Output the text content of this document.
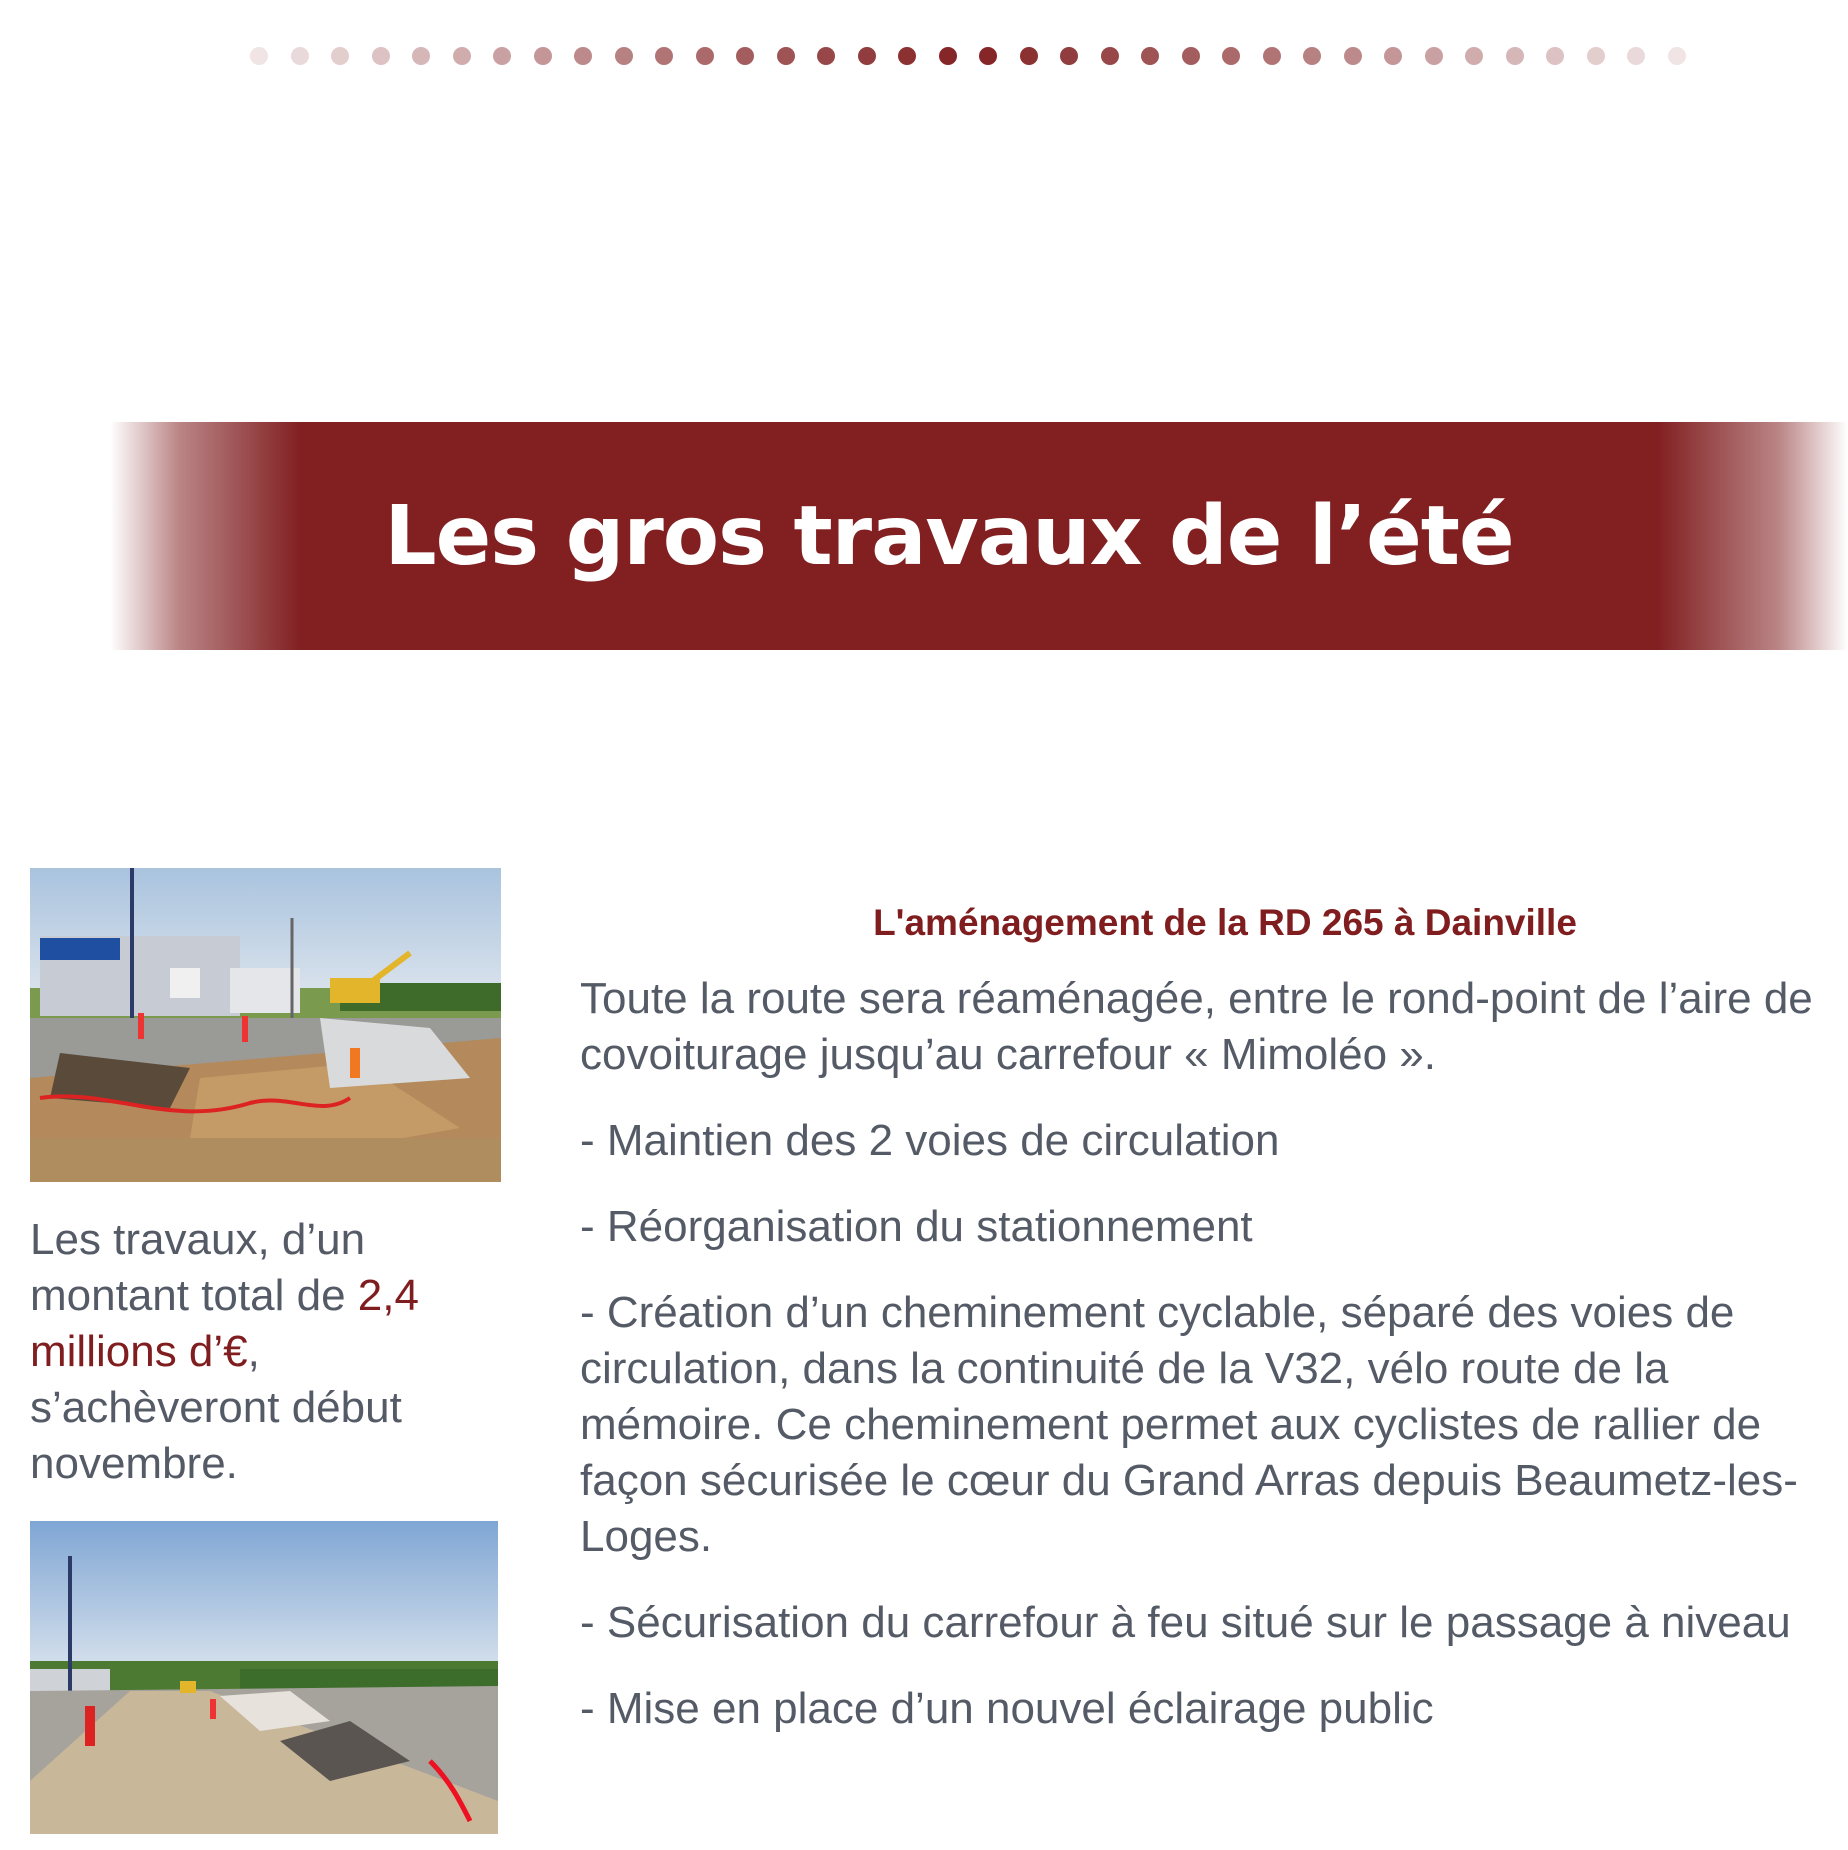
Les gros travaux de l’été

Les travaux, d’un montant total de 2,4 millions d’€, s’achèveront début novembre.

L'aménagement de la RD 265 à Dainville

Toute la route sera réaménagée, entre le rond-point de l’aire de covoiturage jusqu’au carrefour « Mimoléo ».

- Maintien des 2 voies de circulation

- Réorganisation du stationnement

- Création d’un cheminement cyclable, séparé des voies de circulation, dans la continuité de la V32, vélo route de la mémoire. Ce cheminement permet aux cyclistes de rallier de façon sécurisée le cœur du Grand Arras depuis Beaumetz-les-Loges.

- Sécurisation du carrefour à feu situé sur le passage à niveau

- Mise en place d’un nouvel éclairage public
